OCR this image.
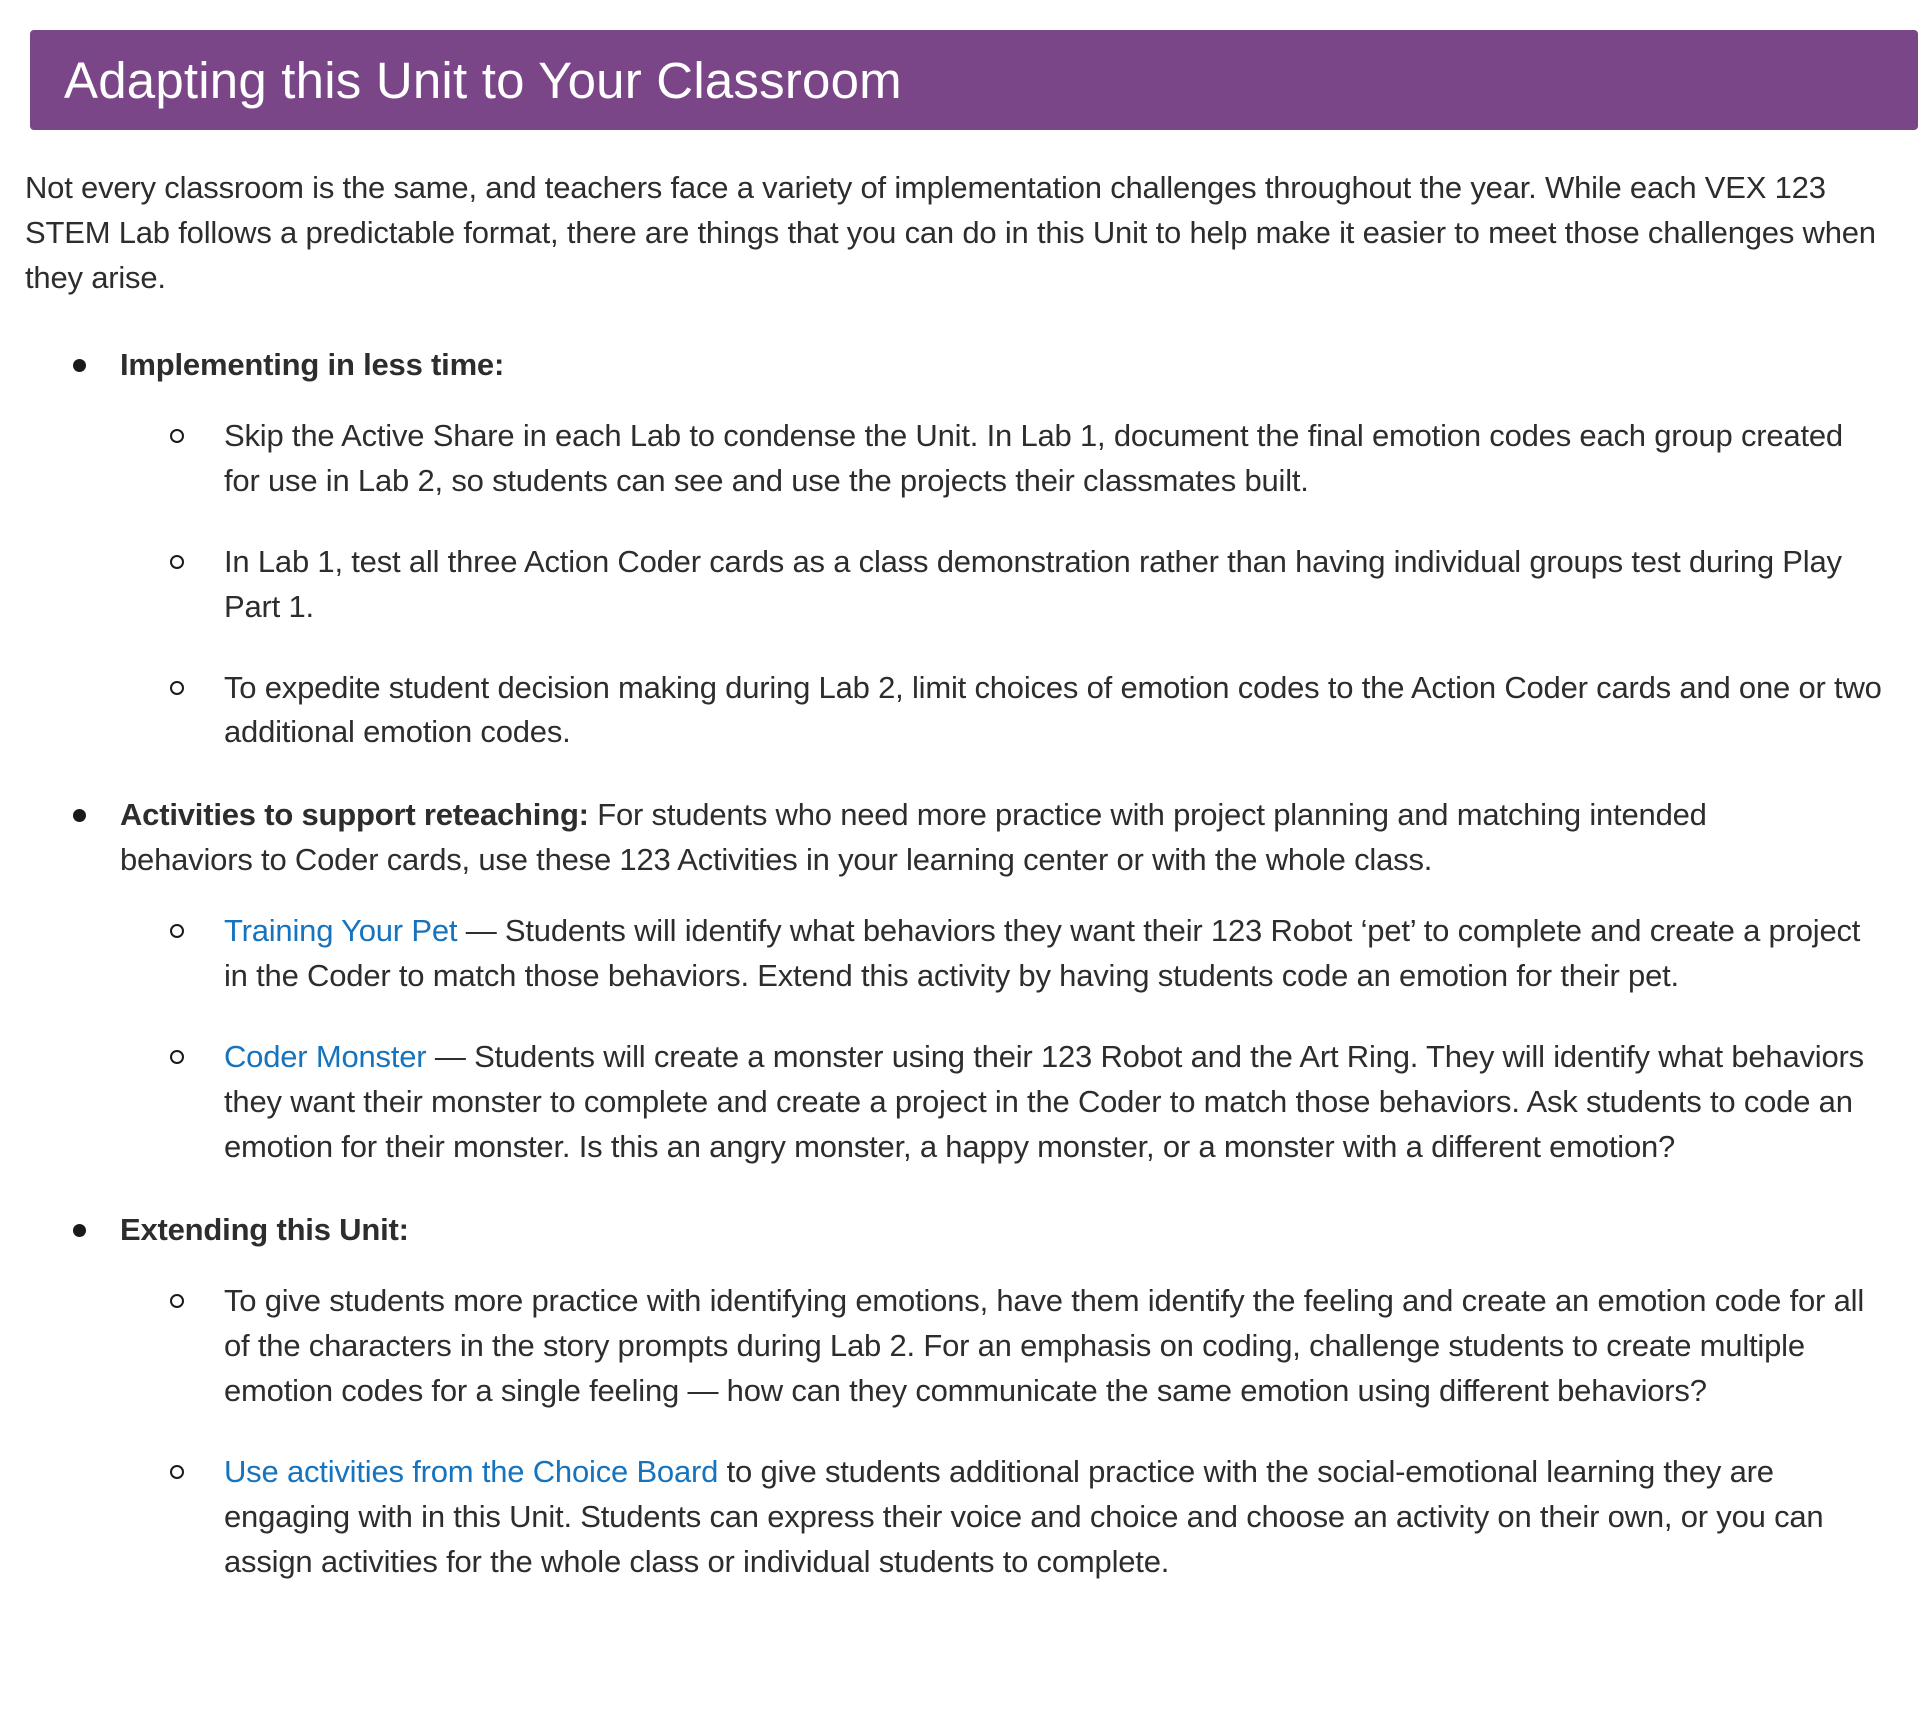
Adapting this Unit to Your Classroom

Not every classroom is the same, and teachers face a variety of implementation challenges throughout the year. While each VEX 123 STEM Lab follows a predictable format, there are things that you can do in this Unit to help make it easier to meet those challenges when they arise.

Implementing in less time:
Skip the Active Share in each Lab to condense the Unit. In Lab 1, document the final emotion codes each group created for use in Lab 2, so students can see and use the projects their classmates built.
In Lab 1, test all three Action Coder cards as a class demonstration rather than having individual groups test during Play Part 1.
To expedite student decision making during Lab 2, limit choices of emotion codes to the Action Coder cards and one or two additional emotion codes.
Activities to support reteaching: For students who need more practice with project planning and matching intended behaviors to Coder cards, use these 123 Activities in your learning center or with the whole class.
Training Your Pet — Students will identify what behaviors they want their 123 Robot ‘pet’ to complete and create a project in the Coder to match those behaviors. Extend this activity by having students code an emotion for their pet.
Coder Monster — Students will create a monster using their 123 Robot and the Art Ring. They will identify what behaviors they want their monster to complete and create a project in the Coder to match those behaviors. Ask students to code an emotion for their monster. Is this an angry monster, a happy monster, or a monster with a different emotion?
Extending this Unit:
To give students more practice with identifying emotions, have them identify the feeling and create an emotion code for all of the characters in the story prompts during Lab 2. For an emphasis on coding, challenge students to create multiple emotion codes for a single feeling — how can they communicate the same emotion using different behaviors?
Use activities from the Choice Board to give students additional practice with the social-emotional learning they are engaging with in this Unit. Students can express their voice and choice and choose an activity on their own, or you can assign activities for the whole class or individual students to complete.
